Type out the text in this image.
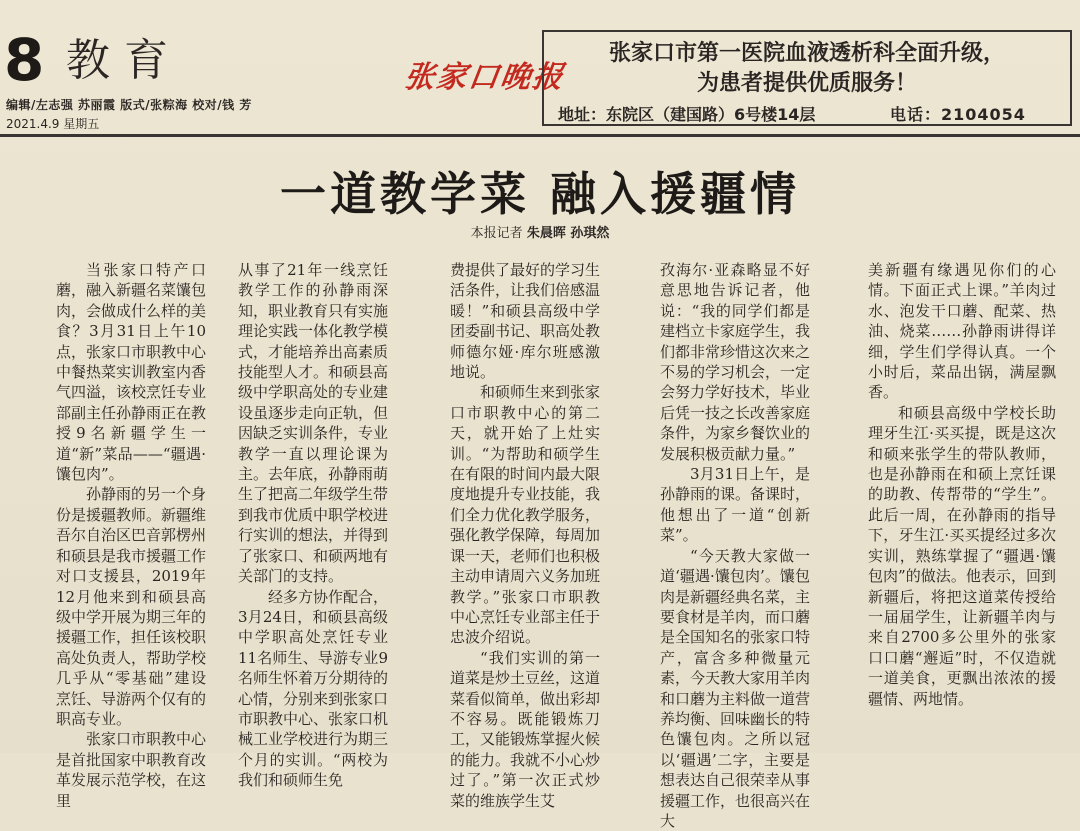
8 教育	张家口晚报
编辑/左志强 苏丽霞 版式/张粽海 校对/钱 芳
2021.4.9 星期五
张家口市第一医院血液透析科全面升级，
为患者提供优质服务！
地址：东院区（建国路）6号楼14层	电话：2104054
一道教学菜 融入援疆情
本报记者 朱晨晖 孙琪然

当张家口特产口蘑，融入新疆名菜馕包肉，会做成什么样的美食？3月31日上午10点，张家口市职教中心中餐热菜实训教室内香气四溢，该校烹饪专业部副主任孙静雨正在教授9名新疆学生一道“新”菜品——“疆遇·馕包肉”。

孙静雨的另一个身份是援疆教师。新疆维吾尔自治区巴音郭楞州和硕县是我市援疆工作对口支援县，2019年12月他来到和硕县高级中学开展为期三年的援疆工作，担任该校职高处负责人，帮助学校几乎从“零基础”建设烹饪、导游两个仅有的职高专业。

张家口市职教中心是首批国家中职教育改革发展示范学校，在这里

从事了21年一线烹饪教学工作的孙静雨深知，职业教育只有实施理论实践一体化教学模式，才能培养出高素质技能型人才。和硕县高级中学职高处的专业建设虽逐步走向正轨，但因缺乏实训条件，专业教学一直以理论课为主。去年底，孙静雨萌生了把高二年级学生带到我市优质中职学校进行实训的想法，并得到了张家口、和硕两地有关部门的支持。

经多方协作配合，3月24日，和硕县高级中学职高处烹饪专业11名师生、导游专业9名师生怀着万分期待的心情，分别来到张家口市职教中心、张家口机械工业学校进行为期三个月的实训。“两校为我们和硕师生免

费提供了最好的学习生活条件，让我们倍感温暖！”和硕县高级中学团委副书记、职高处教师德尔娅·库尔班感激地说。

和硕师生来到张家口市职教中心的第二天，就开始了上灶实训。“为帮助和硕学生在有限的时间内最大限度地提升专业技能，我们全力优化教学服务，强化教学保障，每周加课一天，老师们也积极主动申请周六义务加班教学。”张家口市职教中心烹饪专业部主任于忠波介绍说。

“我们实训的第一道菜是炒土豆丝，这道菜看似简单，做出彩却不容易。既能锻炼刀工，又能锻炼掌握火候的能力。我就不小心炒过了。”第一次正式炒菜的维族学生艾

孜海尔·亚森略显不好意思地告诉记者，他说：“我的同学们都是建档立卡家庭学生，我们都非常珍惜这次来之不易的学习机会，一定会努力学好技术，毕业后凭一技之长改善家庭条件，为家乡餐饮业的发展积极贡献力量。”

3月31日上午，是孙静雨的课。备课时，他想出了一道“创新菜”。

“今天教大家做一道‘疆遇·馕包肉’。馕包肉是新疆经典名菜，主要食材是羊肉，而口蘑是全国知名的张家口特产，富含多种微量元素，今天教大家用羊肉和口蘑为主料做一道营养均衡、回味幽长的特色馕包肉。之所以冠以‘疆遇’二字，主要是想表达自己很荣幸从事援疆工作，也很高兴在大

美新疆有缘遇见你们的心情。下面正式上课。”羊肉过水、泡发干口蘑、配菜、热油、烧菜……孙静雨讲得详细，学生们学得认真。一个小时后，菜品出锅，满屋飘香。

和硕县高级中学校长助理牙生江·买买提，既是这次和硕来张学生的带队教师，也是孙静雨在和硕上烹饪课的助教、传帮带的“学生”。此后一周，在孙静雨的指导下，牙生江·买买提经过多次实训，熟练掌握了“疆遇·馕包肉”的做法。他表示，回到新疆后，将把这道菜传授给一届届学生，让新疆羊肉与来自2700多公里外的张家口口蘑“邂逅”时，不仅造就一道美食，更飘出浓浓的援疆情、两地情。
